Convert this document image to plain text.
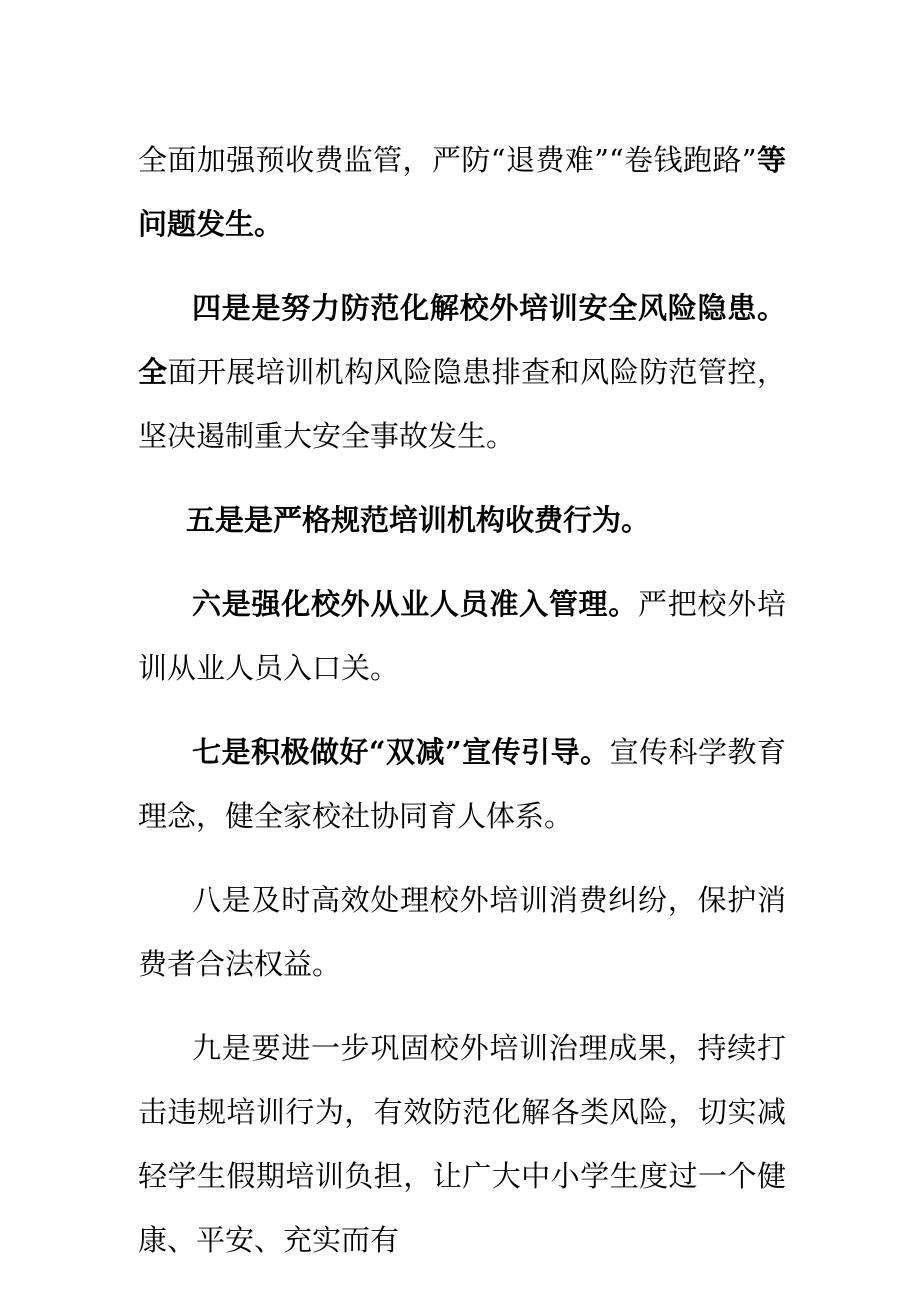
全面加强预收费监管，严防“退费难”“卷钱跑路”等问题发生。

四是是努力防范化解校外培训安全风险隐患。全面开展培训机构风险隐患排查和风险防范管控，坚决遏制重大安全事故发生。

五是是严格规范培训机构收费行为。

六是强化校外从业人员准入管理。严把校外培训从业人员入口关。

七是积极做好“双减”宣传引导。宣传科学教育理念，健全家校社协同育人体系。

八是及时高效处理校外培训消费纠纷，保护消费者合法权益。

九是要进一步巩固校外培训治理成果，持续打击违规培训行为，有效防范化解各类风险，切实减轻学生假期培训负担，让广大中小学生度过一个健康、平安、充实而有
